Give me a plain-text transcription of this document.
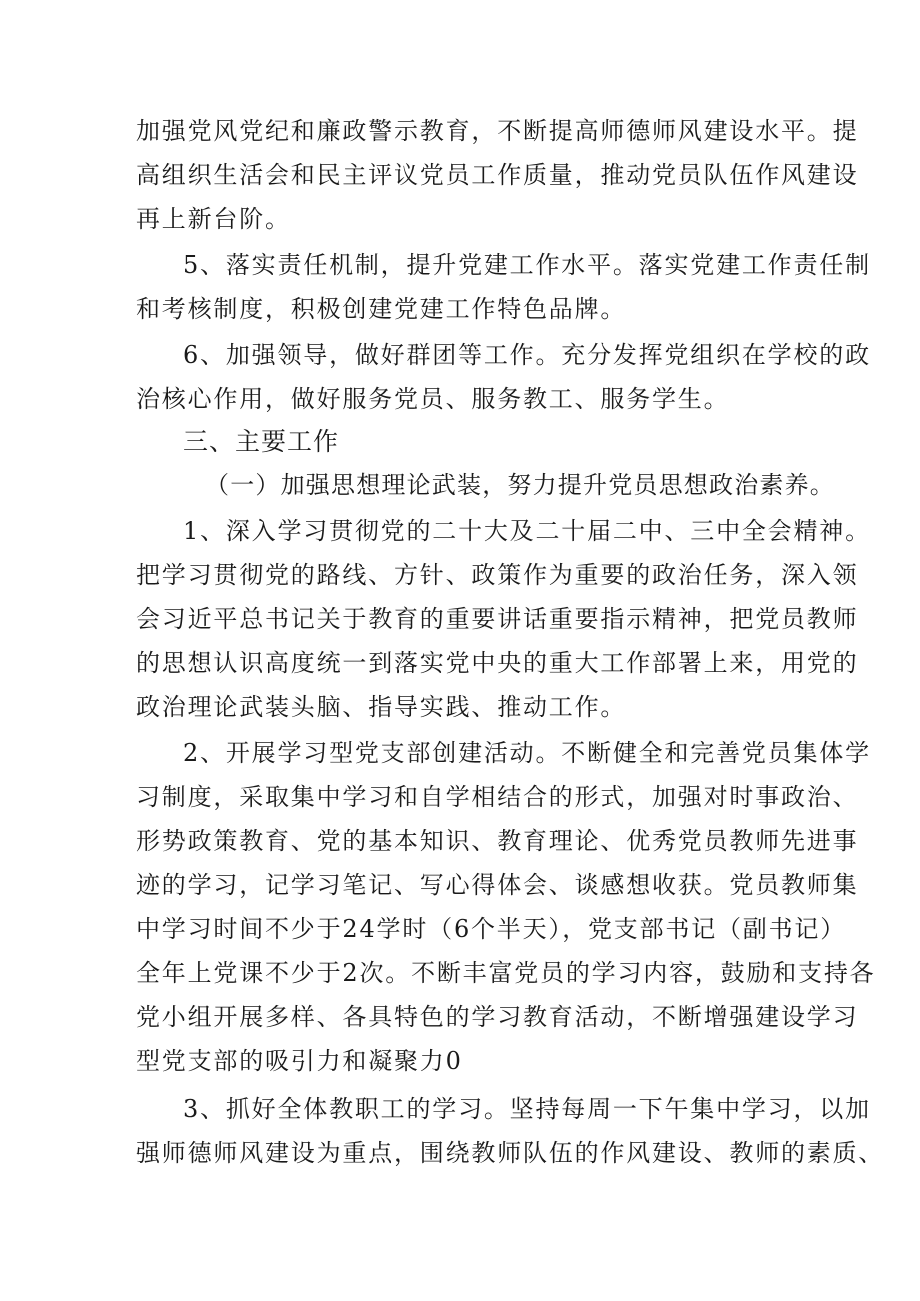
加强党风党纪和廉政警示教育，不断提高师德师风建设水平。提
高组织生活会和民主评议党员工作质量，推动党员队伍作风建设
再上新台阶。
5、落实责任机制，提升党建工作水平。落实党建工作责任制
和考核制度，积极创建党建工作特色品牌。
6、加强领导，做好群团等工作。充分发挥党组织在学校的政
治核心作用，做好服务党员、服务教工、服务学生。
三、主要工作
（一）加强思想理论武装，努力提升党员思想政治素养。
1、深入学习贯彻党的二十大及二十届二中、三中全会精神。
把学习贯彻党的路线、方针、政策作为重要的政治任务，深入领
会习近平总书记关于教育的重要讲话重要指示精神，把党员教师
的思想认识高度统一到落实党中央的重大工作部署上来，用党的
政治理论武装头脑、指导实践、推动工作。
2、开展学习型党支部创建活动。不断健全和完善党员集体学
习制度，采取集中学习和自学相结合的形式，加强对时事政治、
形势政策教育、党的基本知识、教育理论、优秀党员教师先进事
迹的学习，记学习笔记、写心得体会、谈感想收获。党员教师集
中学习时间不少于24学时（6个半天），党支部书记（副书记）
全年上党课不少于2次。不断丰富党员的学习内容，鼓励和支持各
党小组开展多样、各具特色的学习教育活动，不断增强建设学习
型党支部的吸引力和凝聚力0
3、抓好全体教职工的学习。坚持每周一下午集中学习，以加
强师德师风建设为重点，围绕教师队伍的作风建设、教师的素质、
